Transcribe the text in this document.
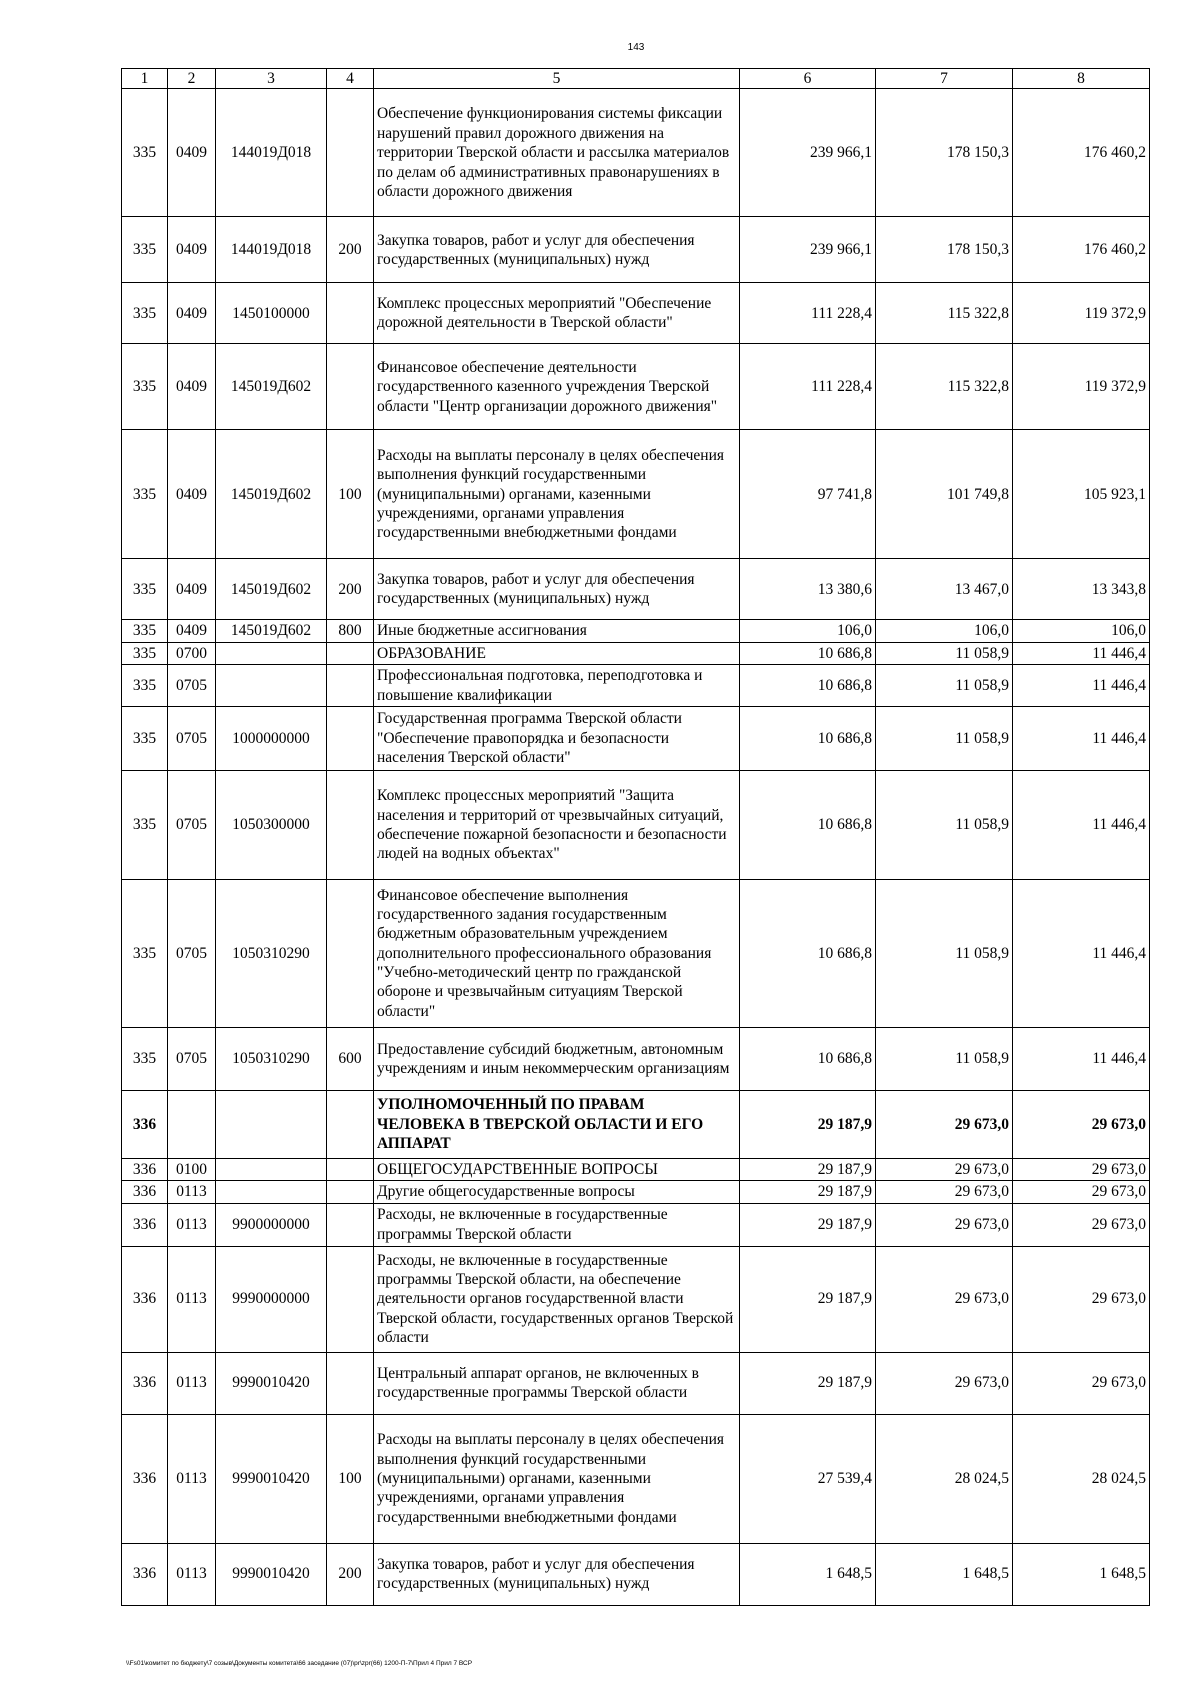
143
1	2	3	4	5	6	7	8
335	0409	144019Д018		Обеспечение функционирования системы фиксации нарушений правил дорожного движения на территории Тверской области и рассылка материалов по делам об административных правонарушениях в области дорожного движения	239 966,1	178 150,3	176 460,2
335	0409	144019Д018	200	Закупка товаров, работ и услуг для обеспечения государственных (муниципальных) нужд	239 966,1	178 150,3	176 460,2
335	0409	1450100000		Комплекс процессных мероприятий "Обеспечение дорожной деятельности в Тверской области"	111 228,4	115 322,8	119 372,9
335	0409	145019Д602		Финансовое обеспечение деятельности государственного казенного учреждения Тверской области "Центр организации дорожного движения"	111 228,4	115 322,8	119 372,9
335	0409	145019Д602	100	Расходы на выплаты персоналу в целях обеспечения выполнения функций государственными (муниципальными) органами, казенными учреждениями, органами управления государственными внебюджетными фондами	97 741,8	101 749,8	105 923,1
335	0409	145019Д602	200	Закупка товаров, работ и услуг для обеспечения государственных (муниципальных) нужд	13 380,6	13 467,0	13 343,8
335	0409	145019Д602	800	Иные бюджетные ассигнования	106,0	106,0	106,0
335	0700			ОБРАЗОВАНИЕ	10 686,8	11 058,9	11 446,4
335	0705			Профессиональная подготовка, переподготовка и повышение квалификации	10 686,8	11 058,9	11 446,4
335	0705	1000000000		Государственная программа Тверской области "Обеспечение правопорядка и безопасности населения Тверской области"	10 686,8	11 058,9	11 446,4
335	0705	1050300000		Комплекс процессных мероприятий "Защита населения и территорий от чрезвычайных ситуаций, обеспечение пожарной безопасности и безопасности людей на водных объектах"	10 686,8	11 058,9	11 446,4
335	0705	1050310290		Финансовое обеспечение выполнения государственного задания государственным бюджетным образовательным учреждением дополнительного профессионального образования "Учебно-методический центр по гражданской обороне и чрезвычайным ситуациям Тверской области"	10 686,8	11 058,9	11 446,4
335	0705	1050310290	600	Предоставление субсидий бюджетным, автономным учреждениям и иным некоммерческим организациям	10 686,8	11 058,9	11 446,4
336				УПОЛНОМОЧЕННЫЙ ПО ПРАВАМ ЧЕЛОВЕКА В ТВЕРСКОЙ ОБЛАСТИ И ЕГО АППАРАТ	29 187,9	29 673,0	29 673,0
336	0100			ОБЩЕГОСУДАРСТВЕННЫЕ ВОПРОСЫ	29 187,9	29 673,0	29 673,0
336	0113			Другие общегосударственные вопросы	29 187,9	29 673,0	29 673,0
336	0113	9900000000		Расходы, не включенные в государственные программы Тверской области	29 187,9	29 673,0	29 673,0
336	0113	9990000000		Расходы, не включенные в государственные программы Тверской области, на обеспечение деятельности органов государственной власти Тверской области, государственных органов Тверской области	29 187,9	29 673,0	29 673,0
336	0113	9990010420		Центральный аппарат органов, не включенных в государственные программы Тверской области	29 187,9	29 673,0	29 673,0
336	0113	9990010420	100	Расходы на выплаты персоналу в целях обеспечения выполнения функций государственными (муниципальными) органами, казенными учреждениями, органами управления государственными внебюджетными фондами	27 539,4	28 024,5	28 024,5
336	0113	9990010420	200	Закупка товаров, работ и услуг для обеспечения государственных (муниципальных) нужд	1 648,5	1 648,5	1 648,5
\\Fs01\комитет по бюджету\7 созыв\Документы комитета\66 заседание (07)\pr\zpr(66) 1200-П-7\Прил 4 Прил 7 ВСР
